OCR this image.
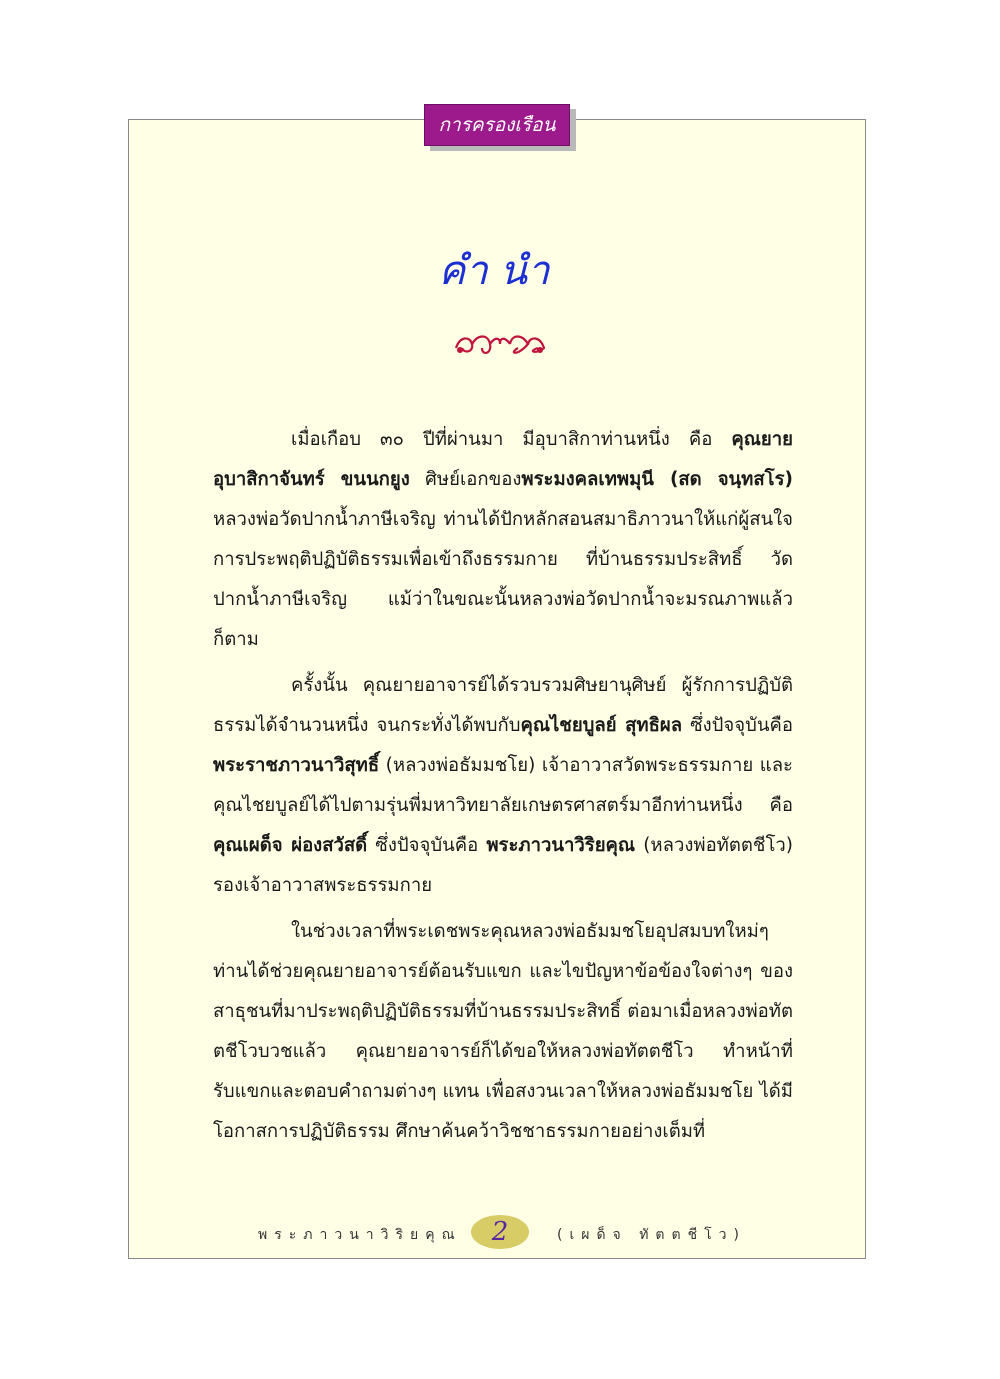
การครองเรือน
คำนำ

เมื่อเกือบ ๓๐ ปีที่ผ่านมา มีอุบาสิกาท่านหนึ่ง คือ คุณยายอุบาสิกาจันทร์ ขนนกยูง ศิษย์เอกของพระมงคลเทพมุนี (สด จนฺทสโร) หลวงพ่อวัดปากน้ำภาษีเจริญ ท่านได้ปักหลักสอนสมาธิภาวนาให้แก่ผู้สนใจการประพฤติปฏิบัติธรรมเพื่อเข้าถึงธรรมกาย ที่บ้านธรรมประสิทธิ์ วัดปากน้ำภาษีเจริญ แม้ว่าในขณะนั้นหลวงพ่อวัดปากน้ำจะมรณภาพแล้วก็ตาม

ครั้งนั้น คุณยายอาจารย์ได้รวบรวมศิษยานุศิษย์ ผู้รักการปฏิบัติธรรมได้จำนวนหนึ่ง จนกระทั่งได้พบกับคุณไชยบูลย์ สุทธิผล ซึ่งปัจจุบันคือพระราชภาวนาวิสุทธิ์ (หลวงพ่อธัมมชโย) เจ้าอาวาสวัดพระธรรมกาย และคุณไชยบูลย์ได้ไปตามรุ่นพี่มหาวิทยาลัยเกษตรศาสตร์มาอีกท่านหนึ่ง คือ คุณเผด็จ ผ่องสวัสดิ์ ซึ่งปัจจุบันคือ พระภาวนาวิริยคุณ (หลวงพ่อทัตตชีโว) รองเจ้าอาวาสพระธรรมกาย

ในช่วงเวลาที่พระเดชพระคุณหลวงพ่อธัมมชโยอุปสมบทใหม่ๆ ท่านได้ช่วยคุณยายอาจารย์ต้อนรับแขก และไขปัญหาข้อข้องใจต่างๆ ของสาธุชนที่มาประพฤติปฏิบัติธรรมที่บ้านธรรมประสิทธิ์ ต่อมาเมื่อหลวงพ่อทัตตชีโวบวชแล้ว คุณยายอาจารย์ก็ได้ขอให้หลวงพ่อทัตตชีโว ทำหน้าที่รับแขกและตอบคำถามต่างๆ แทน เพื่อสงวนเวลาให้หลวงพ่อธัมมชโย ได้มีโอกาสการปฏิบัติธรรม ศึกษาค้นคว้าวิชชาธรรมกายอย่างเต็มที่

พระภาวนาวิริยคุณ	2	(เผด็จ ทัตตชีโว)
